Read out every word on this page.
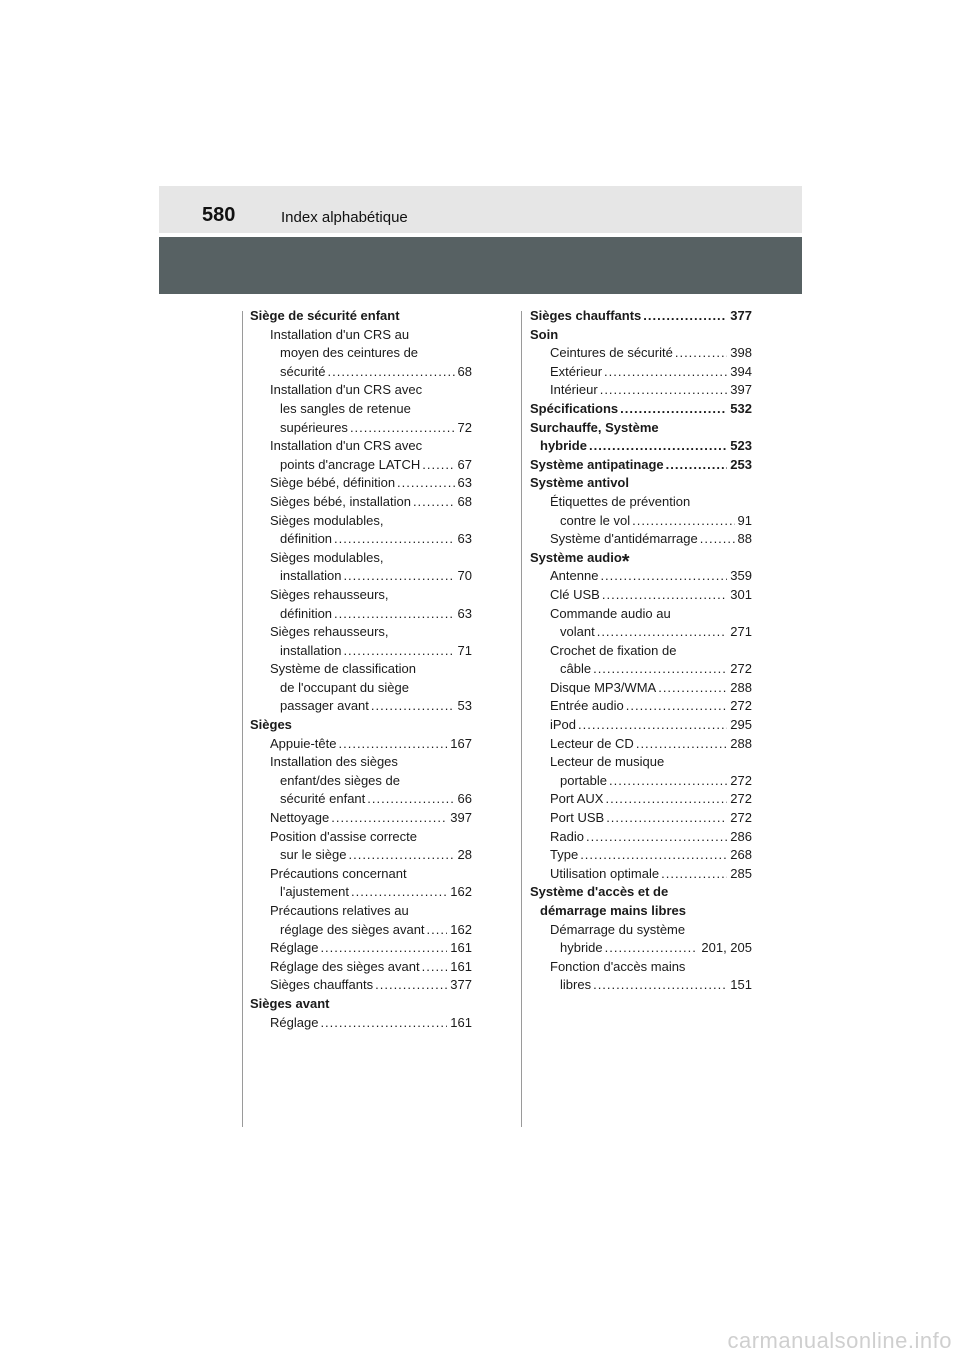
580	Index alphabétique
Siège de sécurité enfant
Installation d'un CRS au
moyen des ceintures de
sécurité .....	68
Installation d'un CRS avec
les sangles de retenue
supérieures .....	72
Installation d'un CRS avec
points d'ancrage LATCH .....	67
Siège bébé, définition .....	63
Sièges bébé, installation .....	68
Sièges modulables,
définition .....	63
Sièges modulables,
installation .....	70
Sièges rehausseurs,
définition .....	63
Sièges rehausseurs,
installation .....	71
Système de classification
de l'occupant du siège
passager avant .....	53
Sièges
Appuie-tête .....	167
Installation des sièges
enfant/des sièges de
sécurité enfant .....	66
Nettoyage .....	397
Position d'assise correcte
sur le siège .....	28
Précautions concernant
l'ajustement .....	162
Précautions relatives au
réglage des sièges avant ..... 162
Réglage .....	161
Réglage des sièges avant ..... 161
Sièges chauffants .....	377
Sièges avant
Réglage .....	161
Sièges chauffants .....	377
Soin
Ceintures de sécurité .....	398
Extérieur .....	394
Intérieur .....	397
Spécifications .....	532
Surchauffe, Système
hybride .....	523
Système antipatinage .....	253
Système antivol
Étiquettes de prévention
contre le vol .....	91
Système d'antidémarrage .....	88
Système audio *
Antenne .....	359
Clé USB .....	301
Commande audio au
volant .....	271
Crochet de fixation de
câble .....	272
Disque MP3/WMA .....	288
Entrée audio .....	272
iPod .....	295
Lecteur de CD .....	288
Lecteur de musique
portable .....	272
Port AUX .....	272
Port USB .....	272
Radio .....	286
Type .....	268
Utilisation optimale .....	285
Système d'accès et de
démarrage mains libres
Démarrage du système
hybride .....	201, 205
Fonction d'accès mains
libres .....	151
carmanualsonline.info
